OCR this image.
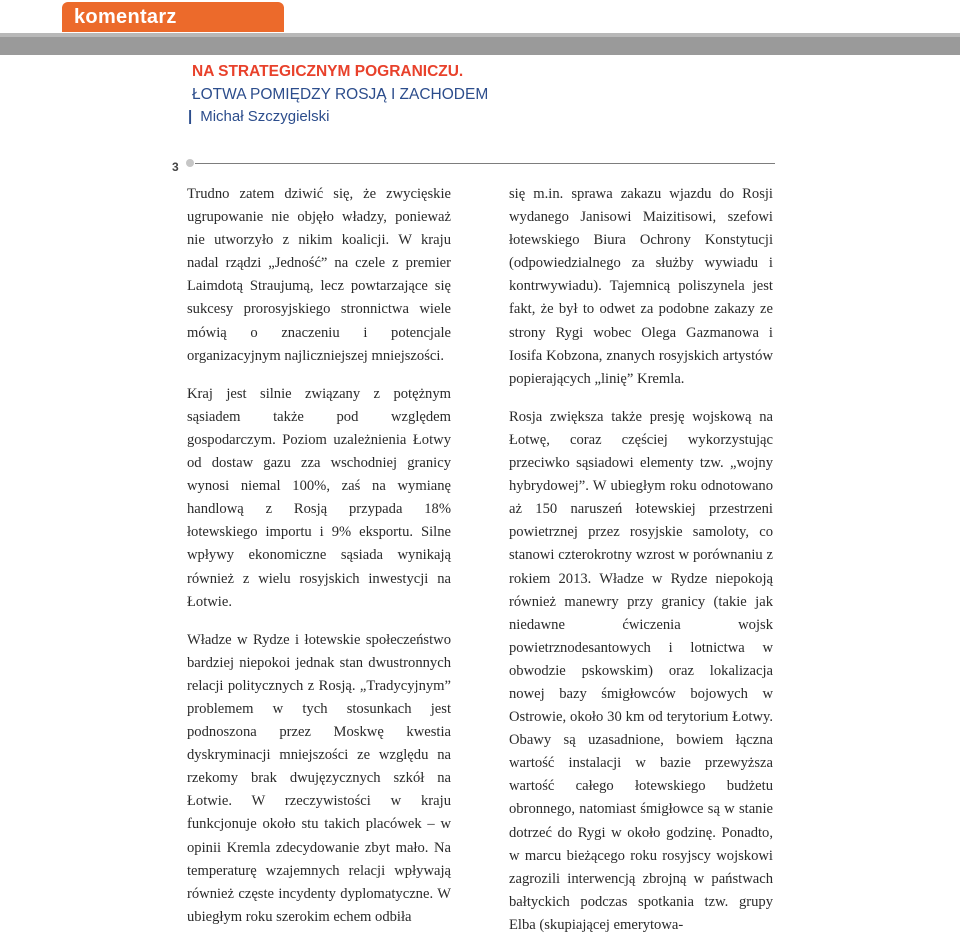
komentarz
NA STRATEGICZNYM POGRANICZU.
ŁOTWA POMIĘDZY ROSJĄ I ZACHODEM
| Michał Szczygielski
3

Trudno zatem dziwić się, że zwycięskie ugrupowanie nie objęło władzy, ponieważ nie utworzyło z nikim koalicji. W kraju nadal rządzi „Jedność” na czele z premier Laimdotą Straujumą, lecz powtarzające się sukcesy prorosyjskiego stronnictwa wiele mówią o znaczeniu i potencjale organizacyjnym najliczniejszej mniejszości.

Kraj jest silnie związany z potężnym sąsiadem także pod względem gospodarczym. Poziom uzależnienia Łotwy od dostaw gazu zza wschodniej granicy wynosi niemal 100%, zaś na wymianę handlową z Rosją przypada 18% łotewskiego importu i 9% eksportu. Silne wpływy ekonomiczne sąsiada wynikają również z wielu rosyjskich inwestycji na Łotwie.

Władze w Rydze i łotewskie społeczeństwo bardziej niepokoi jednak stan dwustronnych relacji politycznych z Rosją. „Tradycyjnym” problemem w tych stosunkach jest podnoszona przez Moskwę kwestia dyskryminacji mniejszości ze względu na rzekomy brak dwujęzycznych szkół na Łotwie. W rzeczywistości w kraju funkcjonuje około stu takich placówek – w opinii Kremla zdecydowanie zbyt mało. Na temperaturę wzajemnych relacji wpływają również częste incydenty dyplomatyczne. W ubiegłym roku szerokim echem odbiła

się m.in. sprawa zakazu wjazdu do Rosji wydanego Janisowi Maizitisowi, szefowi łotewskiego Biura Ochrony Konstytucji (odpowiedzialnego za służby wywiadu i kontrwywiadu). Tajemnicą poliszynela jest fakt, że był to odwet za podobne zakazy ze strony Rygi wobec Olega Gazmanowa i Iosifa Kobzona, znanych rosyjskich artystów popierających „linię” Kremla.

Rosja zwiększa także presję wojskową na Łotwę, coraz częściej wykorzystując przeciwko sąsiadowi elementy tzw. „wojny hybrydowej”. W ubiegłym roku odnotowano aż 150 naruszeń łotewskiej przestrzeni powietrznej przez rosyjskie samoloty, co stanowi czterokrotny wzrost w porównaniu z rokiem 2013. Władze w Rydze niepokoją również manewry przy granicy (takie jak niedawne ćwiczenia wojsk powietrznodesantowych i lotnictwa w obwodzie pskowskim) oraz lokalizacja nowej bazy śmigłowców bojowych w Ostrowie, około 30 km od terytorium Łotwy. Obawy są uzasadnione, bowiem łączna wartość instalacji w bazie przewyższa wartość całego łotewskiego budżetu obronnego, natomiast śmigłowce są w stanie dotrzeć do Rygi w około godzinę. Ponadto, w marcu bieżącego roku rosyjscy wojskowi zagrozili interwencją zbrojną w państwach bałtyckich podczas spotkania tzw. grupy Elba (skupiającej emerytowa-
